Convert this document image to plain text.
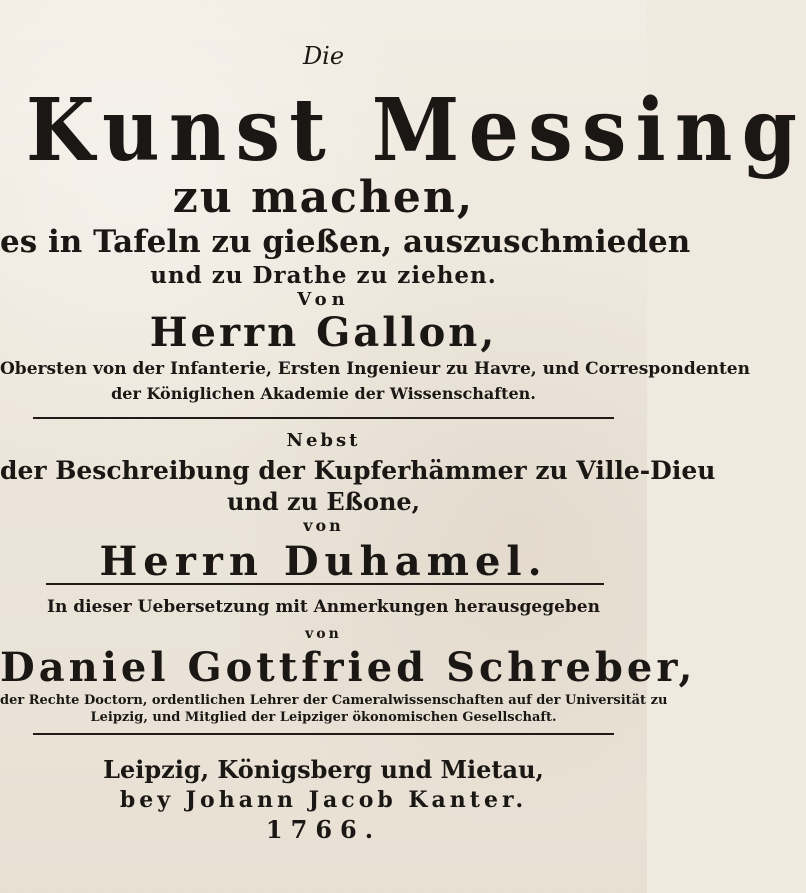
Die
Kunst Messing
zu machen,
es in Tafeln zu gießen, auszuschmieden
und zu Drathe zu ziehen.
Von
Herrn Gallon,
Obersten von der Infanterie, Ersten Ingenieur zu Havre, und Correspondenten
der Königlichen Akademie der Wissenschaften.
Nebst
der Beschreibung der Kupferhämmer zu Ville-Dieu
und zu Eßone,
von
Herrn Duhamel.
In dieser Uebersetzung mit Anmerkungen herausgegeben
von
Daniel Gottfried Schreber,
der Rechte Doctorn, ordentlichen Lehrer der Cameralwissenschaften auf der Universität zu
Leipzig, und Mitglied der Leipziger ökonomischen Gesellschaft.
Leipzig, Königsberg und Mietau,
bey Johann Jacob Kanter.
1766.
